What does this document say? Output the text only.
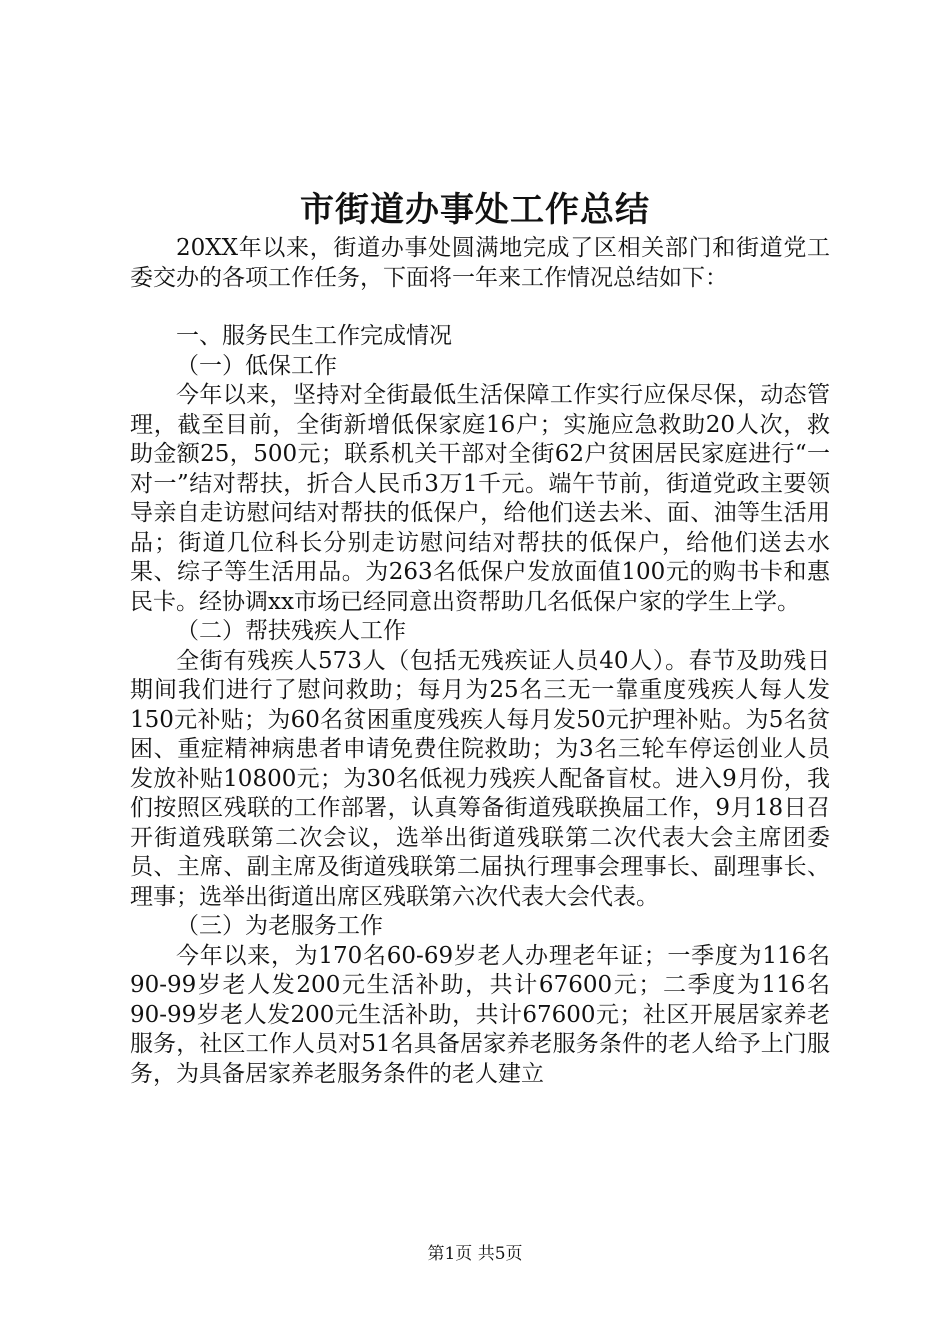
市街道办事处工作总结

20XX年以来，街道办事处圆满地完成了区相关部门和街道党工委交办的各项工作任务，下面将一年来工作情况总结如下：

一、服务民生工作完成情况

（一）低保工作

今年以来，坚持对全街最低生活保障工作实行应保尽保，动态管理，截至目前，全街新增低保家庭16户；实施应急救助20人次，救助金额25，500元；联系机关干部对全街62户贫困居民家庭进行“一对一”结对帮扶，折合人民币3万1千元。端午节前，街道党政主要领导亲自走访慰问结对帮扶的低保户，给他们送去米、面、油等生活用品；街道几位科长分别走访慰问结对帮扶的低保户，给他们送去水果、综子等生活用品。为263名低保户发放面值100元的购书卡和惠民卡。经协调xx市场已经同意出资帮助几名低保户家的学生上学。

（二）帮扶残疾人工作

全街有残疾人573人（包括无残疾证人员40人）。春节及助残日期间我们进行了慰问救助；每月为25名三无一靠重度残疾人每人发150元补贴；为60名贫困重度残疾人每月发50元护理补贴。为5名贫困、重症精神病患者申请免费住院救助；为3名三轮车停运创业人员发放补贴10800元；为30名低视力残疾人配备盲杖。进入9月份，我们按照区残联的工作部署，认真筹备街道残联换届工作，9月18日召开街道残联第二次会议，选举出街道残联第二次代表大会主席团委员、主席、副主席及街道残联第二届执行理事会理事长、副理事长、理事；选举出街道出席区残联第六次代表大会代表。

（三）为老服务工作

今年以来，为170名60-69岁老人办理老年证；一季度为116名90-99岁老人发200元生活补助，共计67600元；二季度为116名90-99岁老人发200元生活补助，共计67600元；社区开展居家养老服务，社区工作人员对51名具备居家养老服务条件的老人给予上门服务，为具备居家养老服务条件的老人建立

第1页 共5页
